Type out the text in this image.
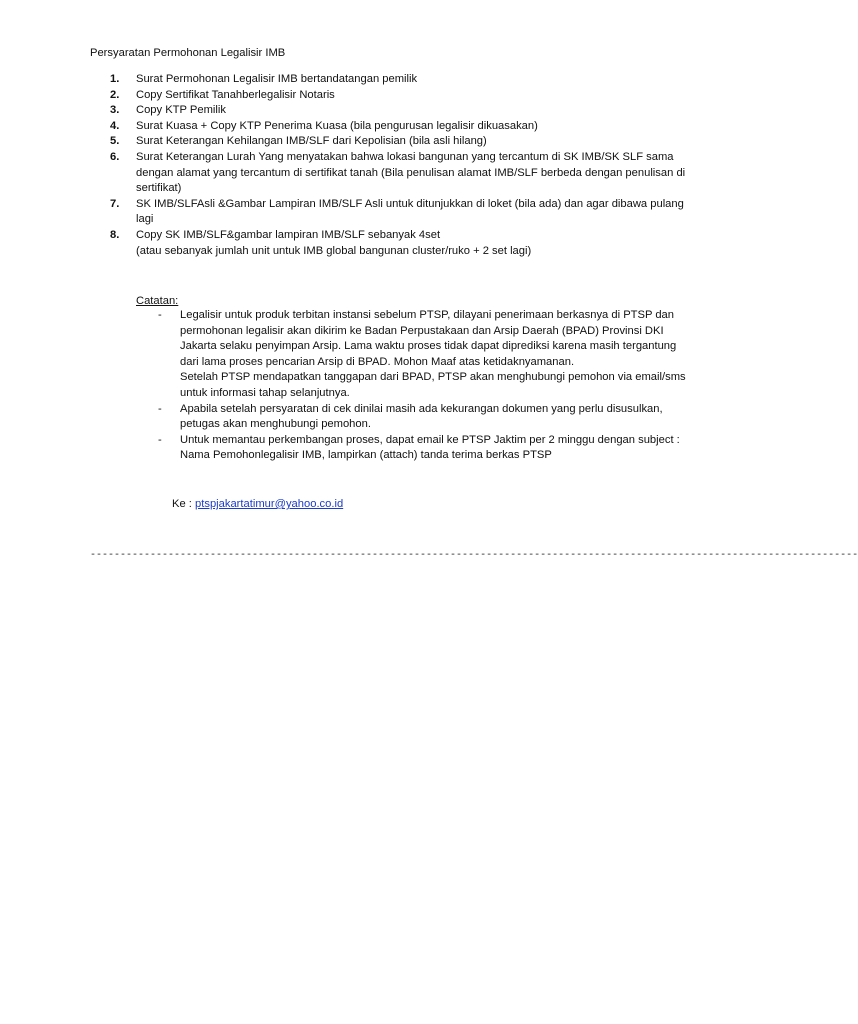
Persyaratan Permohonan Legalisir IMB
1.	Surat Permohonan Legalisir IMB bertandatangan pemilik
2.	Copy Sertifikat Tanahberlegalisir Notaris
3.	Copy KTP Pemilik
4.	Surat Kuasa + Copy KTP Penerima Kuasa (bila pengurusan legalisir dikuasakan)
5.	Surat Keterangan Kehilangan IMB/SLF dari Kepolisian (bila asli hilang)
6.	Surat Keterangan Lurah Yang menyatakan bahwa lokasi bangunan yang tercantum di SK IMB/SK SLF sama dengan alamat yang tercantum di sertifikat tanah (Bila penulisan alamat IMB/SLF berbeda dengan penulisan di sertifikat)
7.	SK IMB/SLFAsli &Gambar Lampiran IMB/SLF Asli untuk ditunjukkan di loket (bila ada) dan agar dibawa pulang lagi
8.	Copy SK IMB/SLF&gambar lampiran IMB/SLF sebanyak 4set
(atau sebanyak jumlah unit untuk IMB global bangunan cluster/ruko + 2 set lagi)
Catatan:
- Legalisir untuk produk terbitan instansi sebelum PTSP, dilayani penerimaan berkasnya di PTSP dan permohonan legalisir akan dikirim ke Badan Perpustakaan dan Arsip Daerah (BPAD) Provinsi DKI Jakarta selaku penyimpan Arsip. Lama waktu proses tidak dapat diprediksi karena masih tergantung dari lama proses pencarian Arsip di BPAD. Mohon Maaf atas ketidaknyamanan.
Setelah PTSP mendapatkan tanggapan dari BPAD, PTSP akan menghubungi pemohon via email/sms untuk informasi tahap selanjutnya.
- Apabila setelah persyaratan di cek dinilai masih ada kekurangan dokumen yang perlu disusulkan, petugas akan menghubungi pemohon.
- Untuk memantau perkembangan proses, dapat email ke PTSP Jaktim per 2 minggu dengan subject : Nama Pemohonlegalisir IMB, lampirkan (attach) tanda terima berkas PTSP
Ke : ptspjakartatimur@yahoo.co.id
--------------------------------------------------------------------------------------------------------------------------------
